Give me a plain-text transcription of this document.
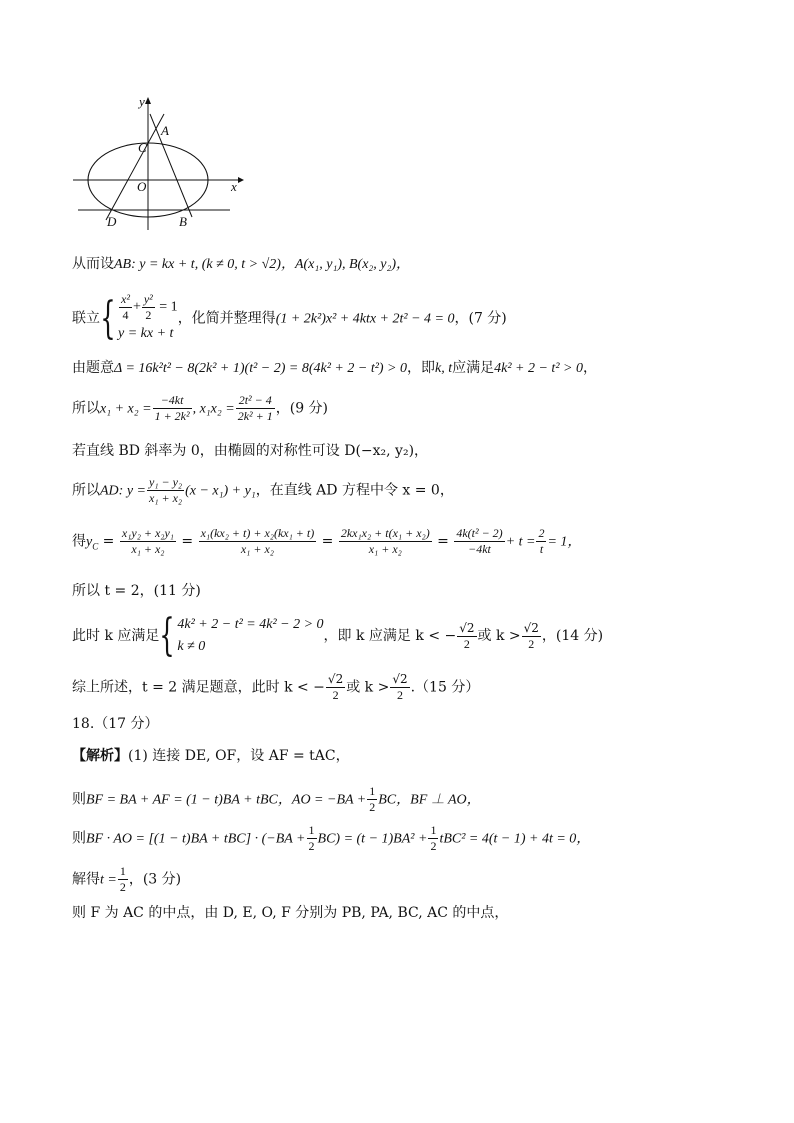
y
x
A
C
O
D	B
从而设AB: y = kx + t, (k ≠ 0, t > √2)，A(x₁, y₁), B(x₂, y₂)，
联立{ $\frac{\text{x²}}{4} + \frac{\text{y²}}{2} = 1$
y = kx + t
，化简并整理得(1 + 2k²)x² + 4ktx + 2t² − 4 = 0，(7 分)
由题意Δ = 16k²t² − 8(2k² + 1)(t² − 2) = 8(4k² + 2 − t²) > 0，即k, t应满足4k² + 2 − t² > 0，
所以$x_1 + x_2 = \frac{-4kt}{\text{1 + 2k²}}$ , $x_1x_2 = \frac{\text{2t² − 4}}{\text{2k² + 1}}$ ，(9 分)
若直线 BD 斜率为 0，由椭圆的对称性可设 D(−x₂, y₂)，
所以AD: $y = \frac{\text{y₁ − y₂}}{\text{x₁ + x₂}} (x - x_1) + y_1$，在直线 AD 方程中令 x = 0，
得$y_C = \frac{\text{x₁y₂ + x₂y₁}}{\text{x₁ + x₂}} = \frac{\text{x₁(kx₂ + t) + x₂(kx₁ + t)}}{\text{x₁ + x₂}} = \frac{\text{2kx₁x₂ + t(x₁ + x₂)}}{\text{x₁ + x₂}} = \frac{\text{4k(t² − 2)}}{-4kt} + t = \frac{2}{t} = 1$，
所以 t = 2，(11 分)
此时 k 应满足{ 4k² + 2 − t² = 4k² − 2 > 0
k ≠ 0
，即 k 应满足 k < − $\frac{√2}{2}$ 或 $k > \frac{√2}{2}$ ，(14 分)
综上所述，t = 2 满足题意，此时 k < − $\frac{√2}{2}$ 或 $k > \frac{√2}{2} .(15$ 分）
18.（17 分）
【解析】(1) 连接 DE, OF，设 AF = tAC，
则BF = BA + AF = (1 − t)BA + tBC，AO = $-BA + \frac{1}{2}$ BC，BF ⊥ AO，
则BF · AO = $[(1 - t)BA + tBC] \cdot (-BA + \frac{1}{2} BC) = (t - 1)BA^2 + \frac{1}{2} tBC^2 = 4(t - 1) + 4t = 0$，
解得$t = \frac{1}{2}$ ，(3 分)
则 F 为 AC 的中点，由 D, E, O, F 分别为 PB, PA, BC, AC 的中点，
